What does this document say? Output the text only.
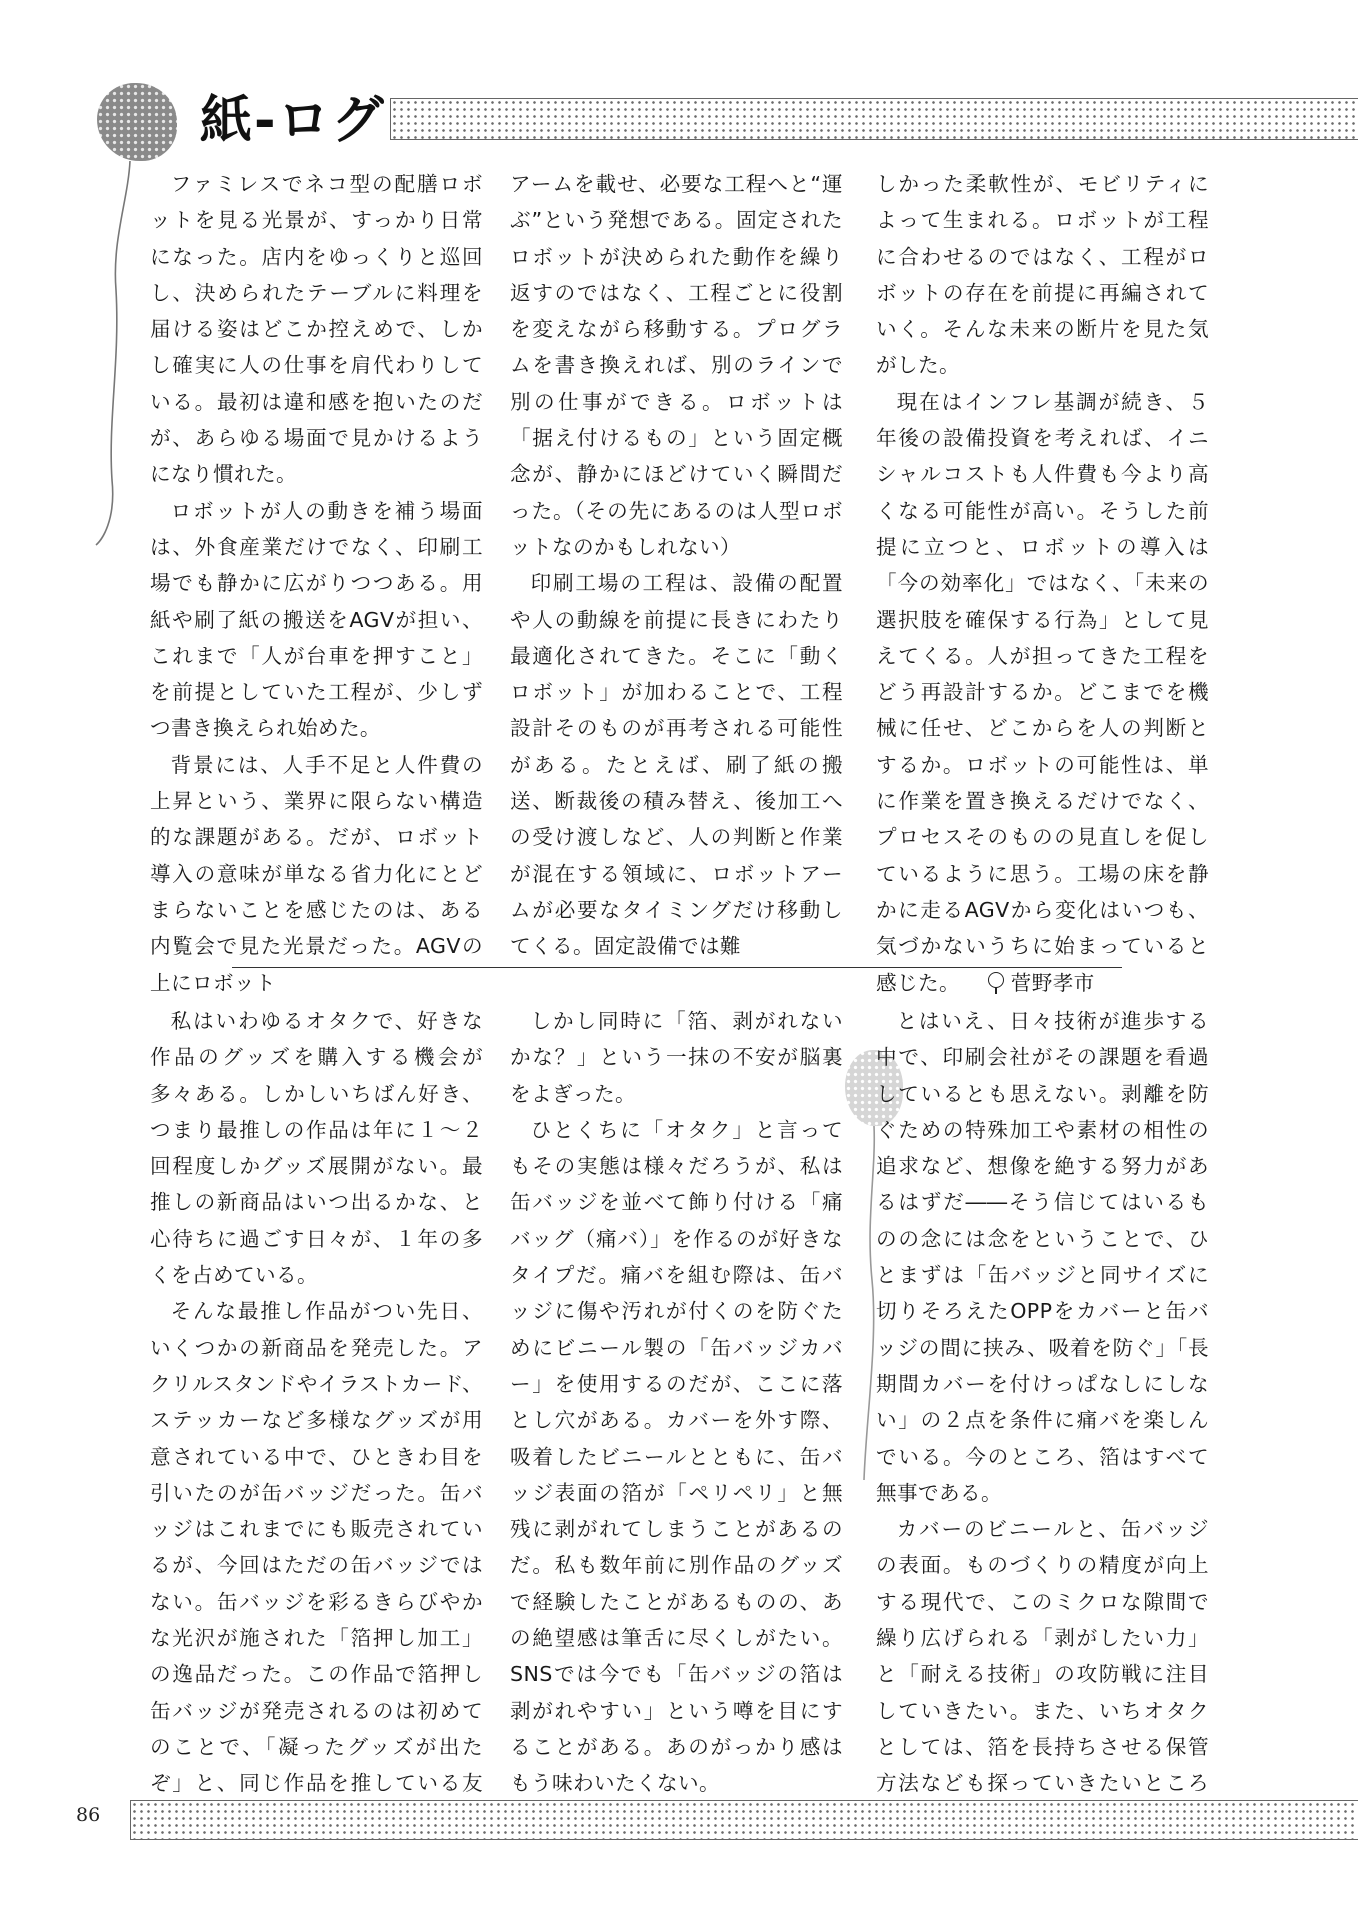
紙-ログ

ファミレスでネコ型の配膳ロボットを見る光景が、すっかり日常になった。店内をゆっくりと巡回し、決められたテーブルに料理を届ける姿はどこか控えめで、しかし確実に人の仕事を肩代わりしている。最初は違和感を抱いたのだが、あらゆる場面で見かけるようになり慣れた。

ロボットが人の動きを補う場面は、外食産業だけでなく、印刷工場でも静かに広がりつつある。用紙や刷了紙の搬送をAGVが担い、これまで「人が台車を押すこと」を前提としていた工程が、少しずつ書き換えられ始めた。

背景には、人手不足と人件費の上昇という、業界に限らない構造的な課題がある。だが、ロボット導入の意味が単なる省力化にとどまらないことを感じたのは、ある内覧会で見た光景だった。AGVの上にロボット

アームを載せ、必要な工程へと“運ぶ”という発想である。固定されたロボットが決められた動作を繰り返すのではなく、工程ごとに役割を変えながら移動する。プログラムを書き換えれば、別のラインで別の仕事ができる。ロボットは「据え付けるもの」という固定概念が、静かにほどけていく瞬間だった。（その先にあるのは人型ロボットなのかもしれない）

印刷工場の工程は、設備の配置や人の動線を前提に長きにわたり最適化されてきた。そこに「動くロボット」が加わることで、工程設計そのものが再考される可能性がある。たとえば、刷了紙の搬送、断裁後の積み替え、後加工への受け渡しなど、人の判断と作業が混在する領域に、ロボットアームが必要なタイミングだけ移動してくる。固定設備では難

しかった柔軟性が、モビリティによって生まれる。ロボットが工程に合わせるのではなく、工程がロボットの存在を前提に再編されていく。そんな未来の断片を見た気がした。

現在はインフレ基調が続き、５年後の設備投資を考えれば、イニシャルコストも人件費も今より高くなる可能性が高い。そうした前提に立つと、ロボットの導入は「今の効率化」ではなく、「未来の選択肢を確保する行為」として見えてくる。人が担ってきた工程をどう再設計するか。どこまでを機械に任せ、どこからを人の判断とするか。ロボットの可能性は、単に作業を置き換えるだけでなく、プロセスそのものの見直しを促しているように思う。工場の床を静かに走るAGVから変化はいつも、気づかないうちに始まっていると感じた。 菅野孝市

私はいわゆるオタクで、好きな作品のグッズを購入する機会が多々ある。しかしいちばん好き、つまり最推しの作品は年に１～２回程度しかグッズ展開がない。最推しの新商品はいつ出るかな、と心待ちに過ごす日々が、１年の多くを占めている。

そんな最推し作品がつい先日、いくつかの新商品を発売した。アクリルスタンドやイラストカード、ステッカーなど多様なグッズが用意されている中で、ひときわ目を引いたのが缶バッジだった。缶バッジはこれまでにも販売されているが、今回はただの缶バッジではない。缶バッジを彩るきらびやかな光沢が施された「箔押し加工」の逸品だった。この作品で箔押し缶バッジが発売されるのは初めてのことで、「凝ったグッズが出たぞ」と、同じ作品を推している友

しかし同時に「箔、剥がれないかな？」という一抹の不安が脳裏をよぎった。

ひとくちに「オタク」と言ってもその実態は様々だろうが、私は缶バッジを並べて飾り付ける「痛バッグ（痛バ）」を作るのが好きなタイプだ。痛バを組む際は、缶バッジに傷や汚れが付くのを防ぐためにビニール製の「缶バッジカバー」を使用するのだが、ここに落とし穴がある。カバーを外す際、吸着したビニールとともに、缶バッジ表面の箔が「ペリペリ」と無残に剥がれてしまうことがあるのだ。私も数年前に別作品のグッズで経験したことがあるものの、あの絶望感は筆舌に尽くしがたい。SNSでは今でも「缶バッジの箔は剥がれやすい」という噂を目にすることがある。あのがっかり感はもう味わいたくない。

とはいえ、日々技術が進歩する中で、印刷会社がその課題を看過しているとも思えない。剥離を防ぐための特殊加工や素材の相性の追求など、想像を絶する努力があるはずだ――そう信じてはいるものの念には念をということで、ひとまずは「缶バッジと同サイズに切りそろえたOPPをカバーと缶バッジの間に挟み、吸着を防ぐ」「長期間カバーを付けっぱなしにしない」の２点を条件に痛バを楽しんでいる。今のところ、箔はすべて無事である。

カバーのビニールと、缶バッジの表面。ものづくりの精度が向上する現代で、このミクロな隙間で繰り広げられる「剥がしたい力」と「耐える技術」の攻防戦に注目していきたい。また、いちオタクとしては、箔を長持ちさせる保管方法なども探っていきたいところ

86
